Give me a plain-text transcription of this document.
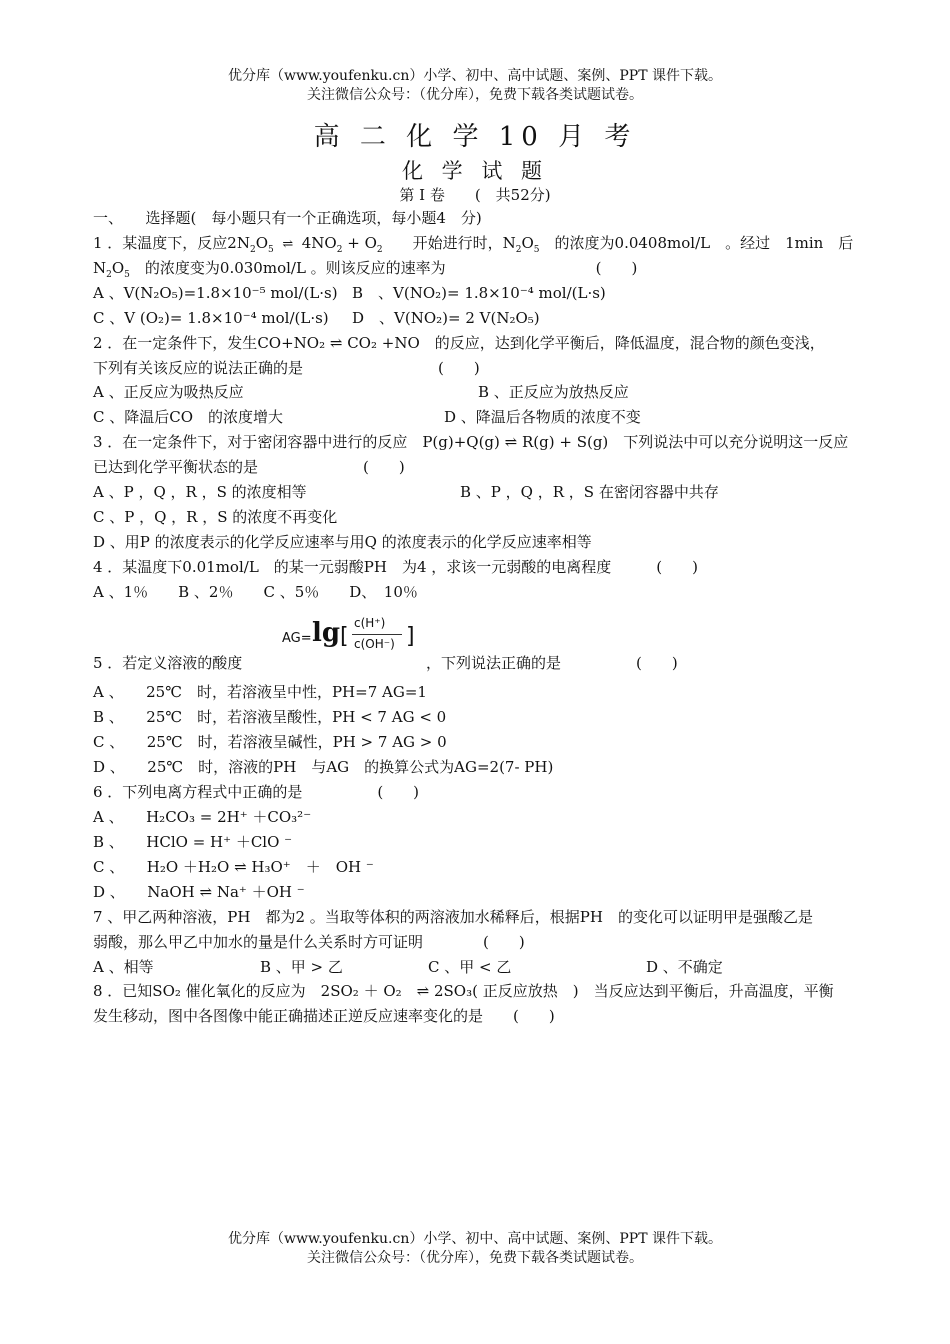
优分库（www.youfenku.cn）小学、初中、高中试题、案例、PPT 课件下载。
关注微信公众号：（优分库），免费下载各类试题试卷。
高 二 化 学 10 月 考
化 学 试 题
第 I 卷　　(　共52分)
一、　　选择题(　每小题只有一个正确选项，每小题4　分)
1 ．某温度下，反应$2N_2O_5$ ⇌ $4NO_2 + O_2$　　开始进行时，$N_2O_5$　的浓度为0.0408mol/L　。经过　1min　后
$N_2O_5$　的浓度变为0.030mol/L 。则该反应的速率为　　　　　　　　　　(　　)
A 、V(N₂O₅)=1.8×10⁻⁵ mol/(L·s) B　、V(NO₂)= 1.8×10⁻⁴ mol/(L·s)
C 、V (O₂)= 1.8×10⁻⁴ mol/(L·s) D　、V(NO₂)= 2 V(N₂O₅)
2 ．在一定条件下，发生CO+NO₂ ⇌ CO₂ +NO　的反应，达到化学平衡后，降低温度，混合物的颜色变浅，
下列有关该反应的说法正确的是　　　　　　　　　(　　)
A 、正反应为吸热反应	B 、正反应为放热反应
C 、降温后CO　的浓度增大	D 、降温后各物质的浓度不变
3 ．在一定条件下，对于密闭容器中进行的反应　P(g)+Q(g) ⇌ R(g) + S(g)　下列说法中可以充分说明这一反应
已达到化学平衡状态的是　　　　　　　(　　)
A 、P ，Q ，R ，S 的浓度相等	B 、P ，Q ，R ，S 在密闭容器中共存
C 、P ，Q ，R ，S 的浓度不再变化
D 、用P 的浓度表示的化学反应速率与用Q 的浓度表示的化学反应速率相等
4 ．某温度下0.01mol/L　的某一元弱酸PH　为4 ，求该一元弱酸的电离程度　　　(　　)
A 、1％　　B 、2％　　C 、5％　　D、　10％
AG= lg [
c(H⁺)
c(OH⁻) ]
5 ．若定义溶液的酸度	，下列说法正确的是　　　　　(　　)
A 、　　25℃　时，若溶液呈中性，PH=7 AG=1
B 、　　25℃　时，若溶液呈酸性，PH < 7 AG < 0
C 、　　25℃　时，若溶液呈碱性，PH > 7 AG > 0
D 、　　25℃　时，溶液的PH　与AG　的换算公式为AG=2(7- PH)
6 ．下列电离方程式中正确的是　　　　　(　　)
A 、　　H₂CO₃ = 2H⁺ ＋CO₃²⁻
B 、　　HClO = H⁺ ＋ClO ⁻
C 、　　H₂O ＋H₂O ⇌ H₃O⁺　＋　OH ⁻
D 、　　NaOH ⇌ Na⁺ ＋OH ⁻
7 、甲乙两种溶液，PH　都为2 。当取等体积的两溶液加水稀释后，根据PH　的变化可以证明甲是强酸乙是
弱酸，那么甲乙中加水的量是什么关系时方可证明　　　　(　　)
A 、相等	B 、甲 > 乙	C 、甲 < 乙	D 、不确定
8 ．已知SO₂ 催化氧化的反应为　2SO₂ ＋ O₂　⇌ 2SO₃( 正反应放热　)　当反应达到平衡后，升高温度，平衡
发生移动，图中各图像中能正确描述正逆反应速率变化的是　　(　　)
优分库（www.youfenku.cn）小学、初中、高中试题、案例、PPT 课件下载。
关注微信公众号：（优分库），免费下载各类试题试卷。
